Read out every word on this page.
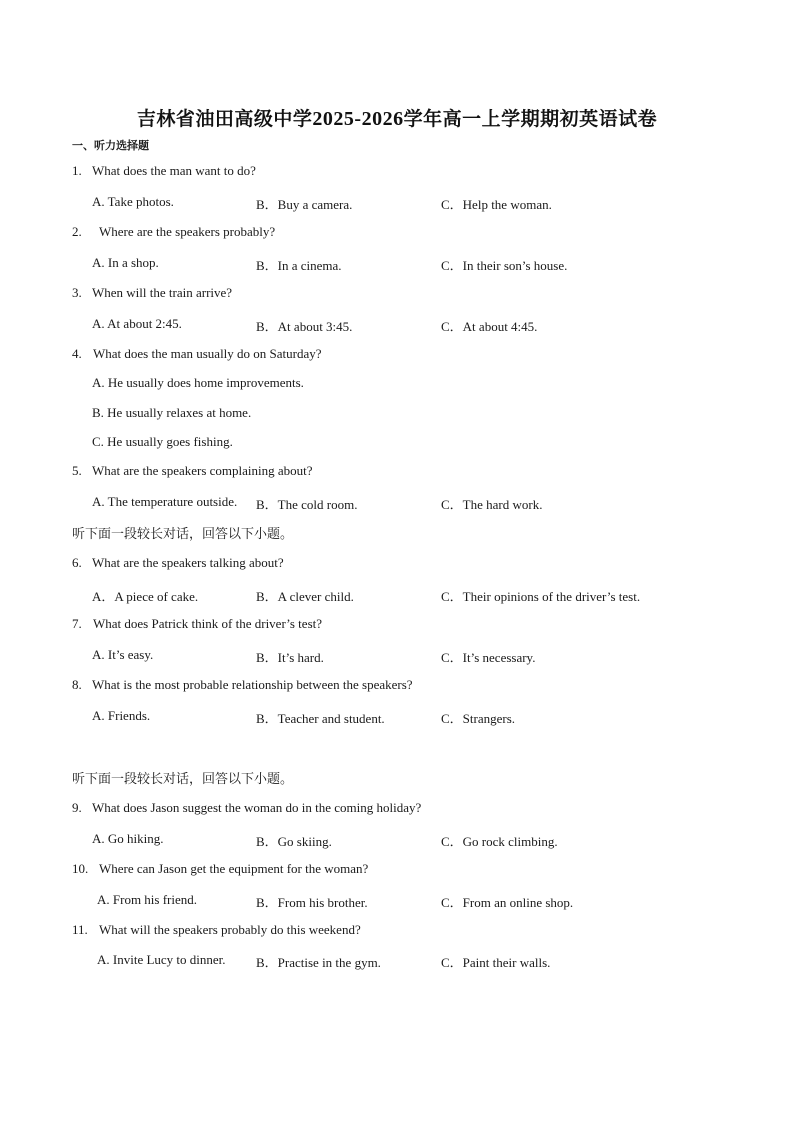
吉林省油田高级中学2025-2026学年高一上学期期初英语试卷
一、听力选择题
1. What does the man want to do?
A. Take photos.	B．Buy a camera.	C．Help the woman.
2. Where are the speakers probably?
A. In a shop.	B．In a cinema.	C．In their son’s house.
3. When will the train arrive?
A. At about 2:45.	B．At about 3:45.	C．At about 4:45.
4. What does the man usually do on Saturday?
A. He usually does home improvements.
B. He usually relaxes at home.
C. He usually goes fishing.
5. What are the speakers complaining about?
A. The temperature outside. B．The cold room.	C．The hard work.
听下面一段较长对话，回答以下小题。
6. What are the speakers talking about?
A．A piece of cake.	B．A clever child.	C．Their opinions of the driver’s test.
7. What does Patrick think of the driver’s test?
A. It’s easy.	B．It’s hard.	C．It’s necessary.
8. What is the most probable relationship between the speakers?
A. Friends.	B．Teacher and student.	C．Strangers.
听下面一段较长对话，回答以下小题。
9. What does Jason suggest the woman do in the coming holiday?
A. Go hiking.	B．Go skiing.	C．Go rock climbing.
10. Where can Jason get the equipment for the woman?
A. From his friend.	B．From his brother.	C．From an online shop.
11. What will the speakers probably do this weekend?
A. Invite Lucy to dinner. B．Practise in the gym.	C．Paint their walls.
